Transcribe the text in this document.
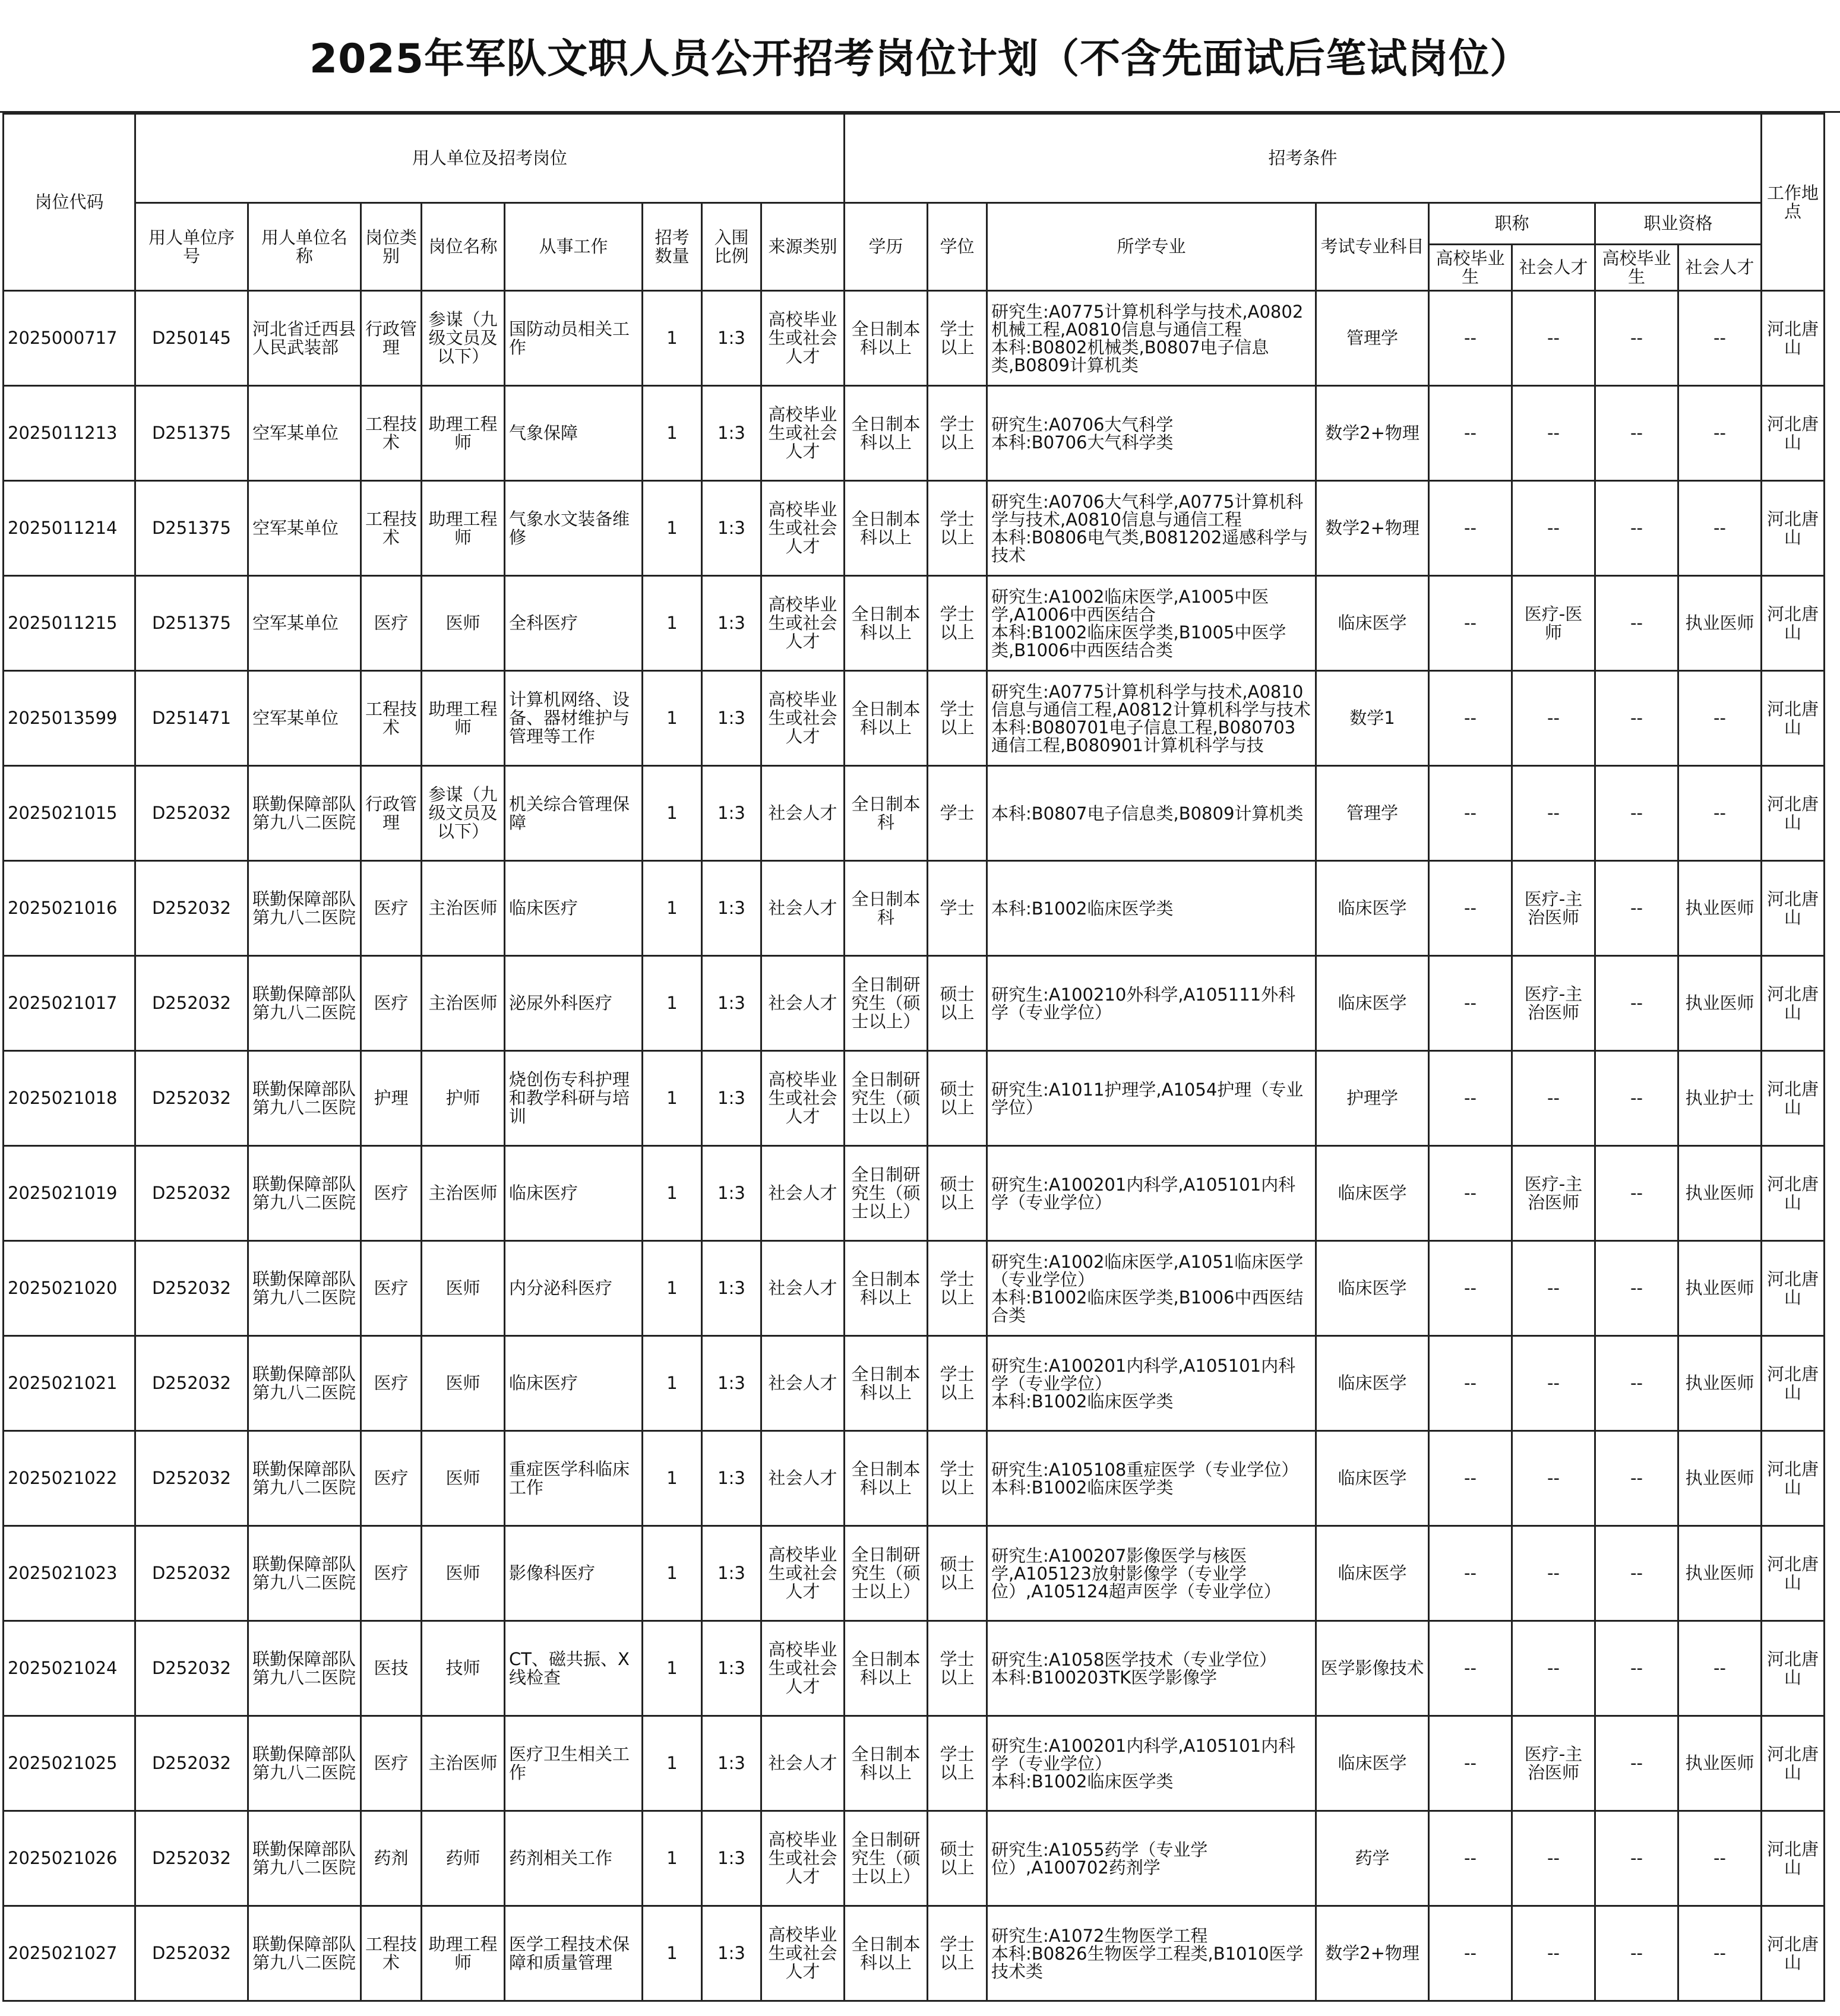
2025年军队文职人员公开招考岗位计划（不含先面试后笔试岗位）
岗位代码	用人单位及招考岗位								招考条件								工作地点
	用人单位序　号	用人单位名　称	岗位类别	岗位名称	从事工作	招考数量	入围比例	来源类别	学历	学位	所学专业	考试专业科目	职称		职业资格		
													高校毕业生	社会人才	高校毕业生	社会人才	
2025000717	D250145	河北省迁西县人民武装部	行政管理	参谋（九级文员及以下）	国防动员相关工作	1	1:3	高校毕业生或社会人才	全日制本科以上	学士以上	研究生:A0775计算机科学与技术,A0802机械工程,A0810信息与通信工程
本科:B0802机械类,B0807电子信息类,B0809计算机类	管理学	--	--	--	--	河北唐山
2025011213	D251375	空军某单位	工程技术	助理工程师	气象保障	1	1:3	高校毕业生或社会人才	全日制本科以上	学士以上	研究生:A0706大气科学
本科:B0706大气科学类	数学2+物理	--	--	--	--	河北唐山
2025011214	D251375	空军某单位	工程技术	助理工程师	气象水文装备维修	1	1:3	高校毕业生或社会人才	全日制本科以上	学士以上	研究生:A0706大气科学,A0775计算机科学与技术,A0810信息与通信工程
本科:B0806电气类,B081202遥感科学与技术	数学2+物理	--	--	--	--	河北唐山
2025011215	D251375	空军某单位	医疗	医师	全科医疗	1	1:3	高校毕业生或社会人才	全日制本科以上	学士以上	研究生:A1002临床医学,A1005中医学,A1006中西医结合
本科:B1002临床医学类,B1005中医学类,B1006中西医结合类	临床医学	--	医疗-医师	--	执业医师	河北唐山
2025013599	D251471	空军某单位	工程技术	助理工程师	计算机网络、设备、器材维护与管理等工作	1	1:3	高校毕业生或社会人才	全日制本科以上	学士以上	研究生:A0775计算机科学与技术,A0810信息与通信工程,A0812计算机科学与技术
本科:B080701电子信息工程,B080703通信工程,B080901计算机科学与技	数学1	--	--	--	--	河北唐山
2025021015	D252032	联勤保障部队第九八二医院	行政管理	参谋（九级文员及以下）	机关综合管理保障	1	1:3	社会人才	全日制本科	学士	本科:B0807电子信息类,B0809计算机类	管理学	--	--	--	--	河北唐山
2025021016	D252032	联勤保障部队第九八二医院	医疗	主治医师	临床医疗	1	1:3	社会人才	全日制本科	学士	本科:B1002临床医学类	临床医学	--	医疗-主治医师	--	执业医师	河北唐山
2025021017	D252032	联勤保障部队第九八二医院	医疗	主治医师	泌尿外科医疗	1	1:3	社会人才	全日制研究生（硕士以上）	硕士以上	研究生:A100210外科学,A105111外科学（专业学位）	临床医学	--	医疗-主治医师	--	执业医师	河北唐山
2025021018	D252032	联勤保障部队第九八二医院	护理	护师	烧创伤专科护理和教学科研与培训	1	1:3	高校毕业生或社会人才	全日制研究生（硕士以上）	硕士以上	研究生:A1011护理学,A1054护理（专业学位）	护理学	--	--	--	执业护士	河北唐山
2025021019	D252032	联勤保障部队第九八二医院	医疗	主治医师	临床医疗	1	1:3	社会人才	全日制研究生（硕士以上）	硕士以上	研究生:A100201内科学,A105101内科学（专业学位）	临床医学	--	医疗-主治医师	--	执业医师	河北唐山
2025021020	D252032	联勤保障部队第九八二医院	医疗	医师	内分泌科医疗	1	1:3	社会人才	全日制本科以上	学士以上	研究生:A1002临床医学,A1051临床医学（专业学位）
本科:B1002临床医学类,B1006中西医结合类	临床医学	--	--	--	执业医师	河北唐山
2025021021	D252032	联勤保障部队第九八二医院	医疗	医师	临床医疗	1	1:3	社会人才	全日制本科以上	学士以上	研究生:A100201内科学,A105101内科学（专业学位）
本科:B1002临床医学类	临床医学	--	--	--	执业医师	河北唐山
2025021022	D252032	联勤保障部队第九八二医院	医疗	医师	重症医学科临床工作	1	1:3	社会人才	全日制本科以上	学士以上	研究生:A105108重症医学（专业学位）
本科:B1002临床医学类	临床医学	--	--	--	执业医师	河北唐山
2025021023	D252032	联勤保障部队第九八二医院	医疗	医师	影像科医疗	1	1:3	高校毕业生或社会人才	全日制研究生（硕士以上）	硕士以上	研究生:A100207影像医学与核医学,A105123放射影像学（专业学位）,A105124超声医学（专业学位）	临床医学	--	--	--	执业医师	河北唐山
2025021024	D252032	联勤保障部队第九八二医院	医技	技师	CT、磁共振、X线检查	1	1:3	高校毕业生或社会人才	全日制本科以上	学士以上	研究生:A1058医学技术（专业学位）
本科:B100203TK医学影像学	医学影像技术	--	--	--	--	河北唐山
2025021025	D252032	联勤保障部队第九八二医院	医疗	主治医师	医疗卫生相关工作	1	1:3	社会人才	全日制本科以上	学士以上	研究生:A100201内科学,A105101内科学（专业学位）
本科:B1002临床医学类	临床医学	--	医疗-主治医师	--	执业医师	河北唐山
2025021026	D252032	联勤保障部队第九八二医院	药剂	药师	药剂相关工作	1	1:3	高校毕业生或社会人才	全日制研究生（硕士以上）	硕士以上	研究生:A1055药学（专业学位）,A100702药剂学	药学	--	--	--	--	河北唐山
2025021027	D252032	联勤保障部队第九八二医院	工程技术	助理工程师	医学工程技术保障和质量管理	1	1:3	高校毕业生或社会人才	全日制本科以上	学士以上	研究生:A1072生物医学工程
本科:B0826生物医学工程类,B1010医学技术类	数学2+物理	--	--	--	--	河北唐山
